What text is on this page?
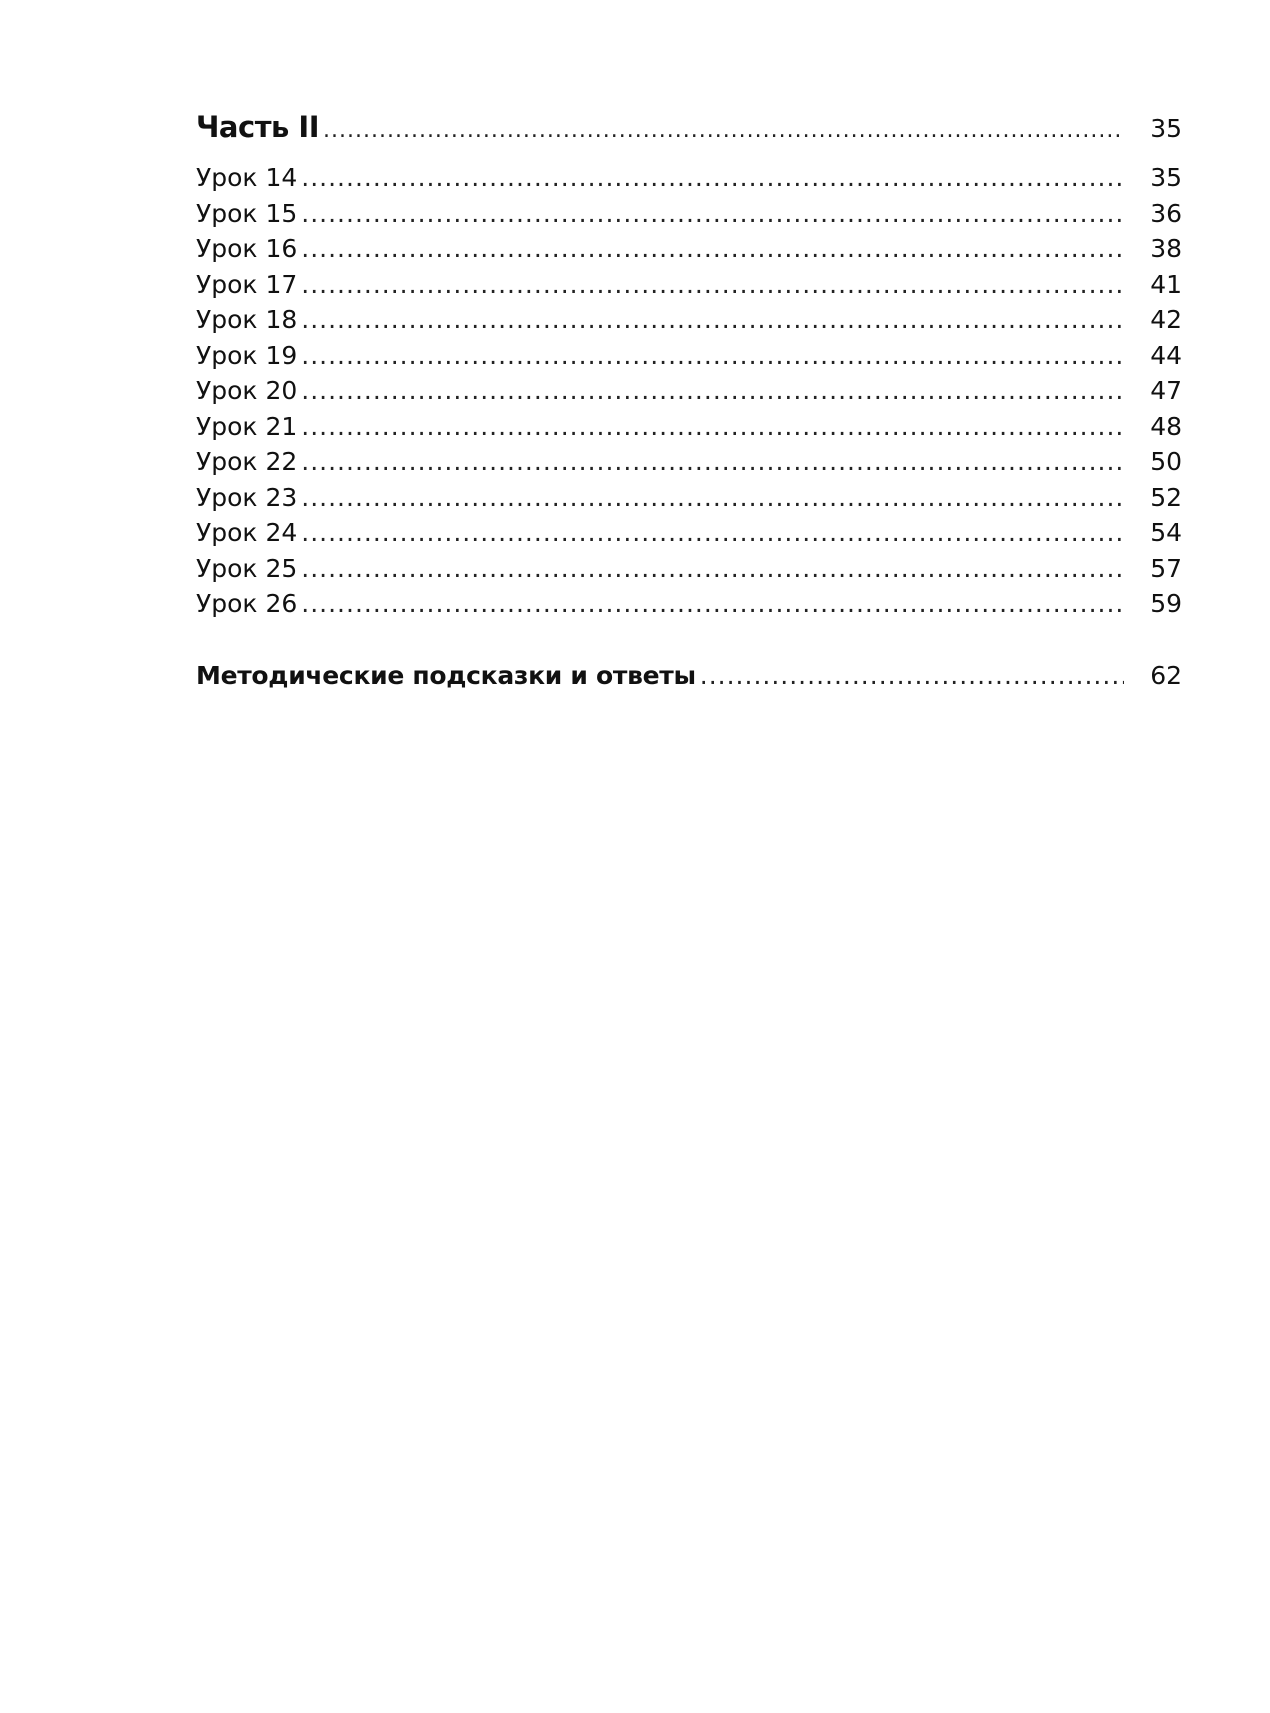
Часть II .....	35
Урок 14 .....	35
Урок 15 .....	36
Урок 16 .....	38
Урок 17 .....	41
Урок 18 .....	42
Урок 19 .....	44
Урок 20 .....	47
Урок 21 .....	48
Урок 22 .....	50
Урок 23 .....	52
Урок 24 .....	54
Урок 25 .....	57
Урок 26 .....	59
Методические подсказки и ответы .....	62
